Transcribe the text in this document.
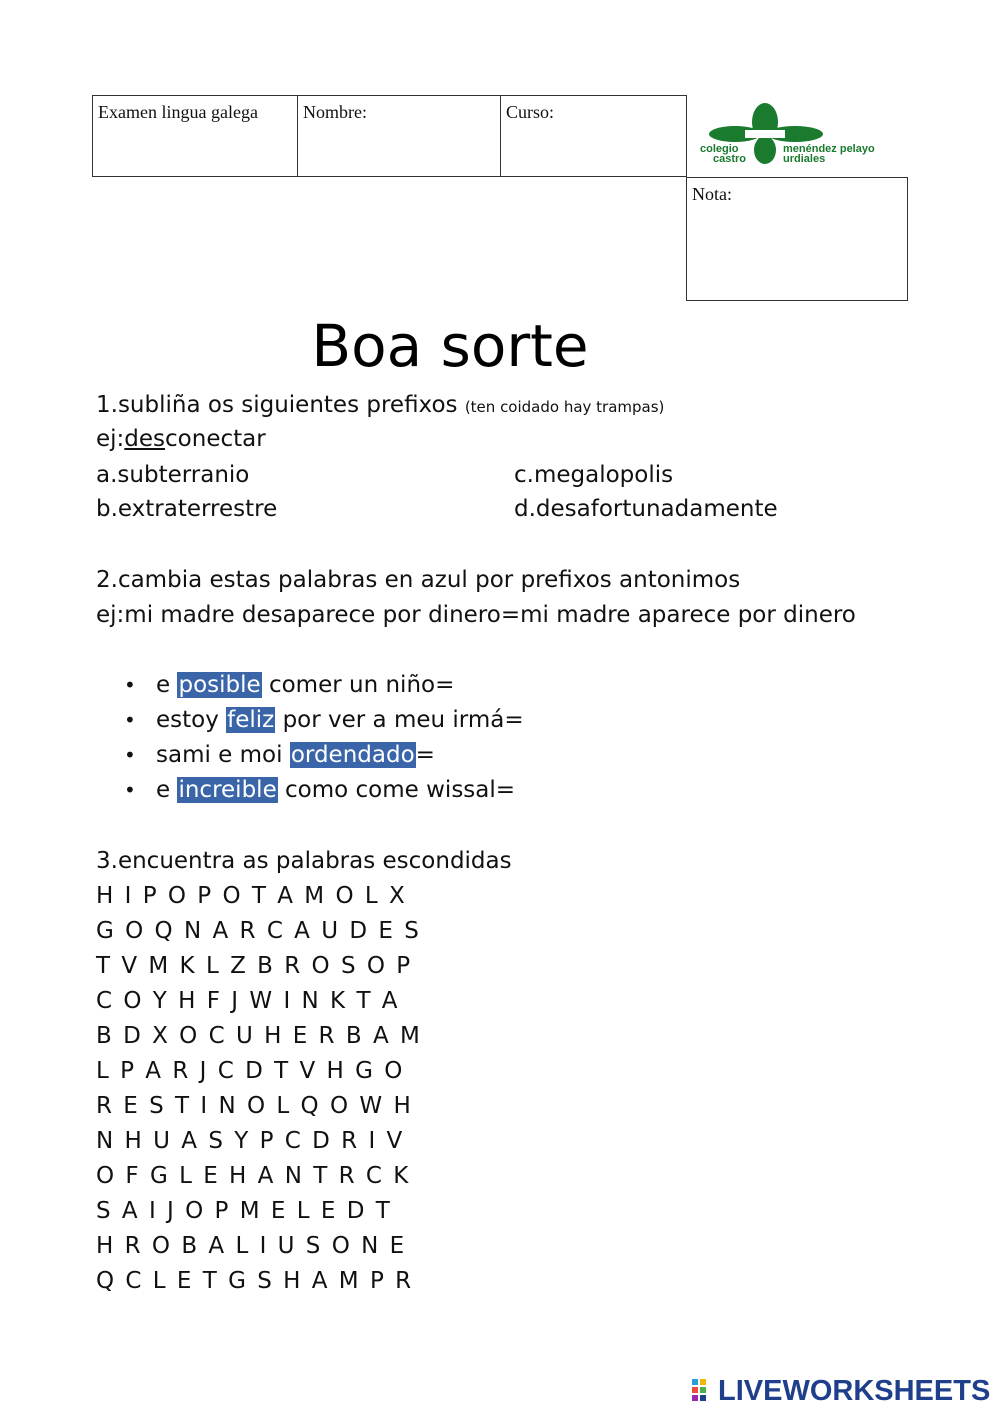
Examen lingua galega	Nombre:	Curso:
Nota:
colegio	menéndez pelayo
castro	urdiales
Boa sorte
1.subliña os siguientes prefixos (ten coidado hay trampas)
ej:desconectar
a.subterranio	c.megalopolis
b.extraterrestre	d.desafortunadamente
2.cambia estas palabras en azul por prefixos antonimos
ej:mi madre desaparece por dinero=mi madre aparece por dinero
• e posible comer un niño=
• estoy feliz por ver a meu irmá=
• sami e moi ordendado=
• e increible como come wissal=
3.encuentra as palabras escondidas
H I P O P O T A M O L X
G O Q N A R C A U D E S
T V M K L Z B R O S O P
C O Y H F J W I N K T A
B D X O C U H E R B A M
L P A R J C D T V H G O
R E S T I N O L Q O W H
N H U A S Y P C D R I V
O F G L E H A N T R C K
S A I J O P M E L E D T
H R O B A L I U S O N E
Q C L E T G S H A M P R
LIVEWORKSHEETS
